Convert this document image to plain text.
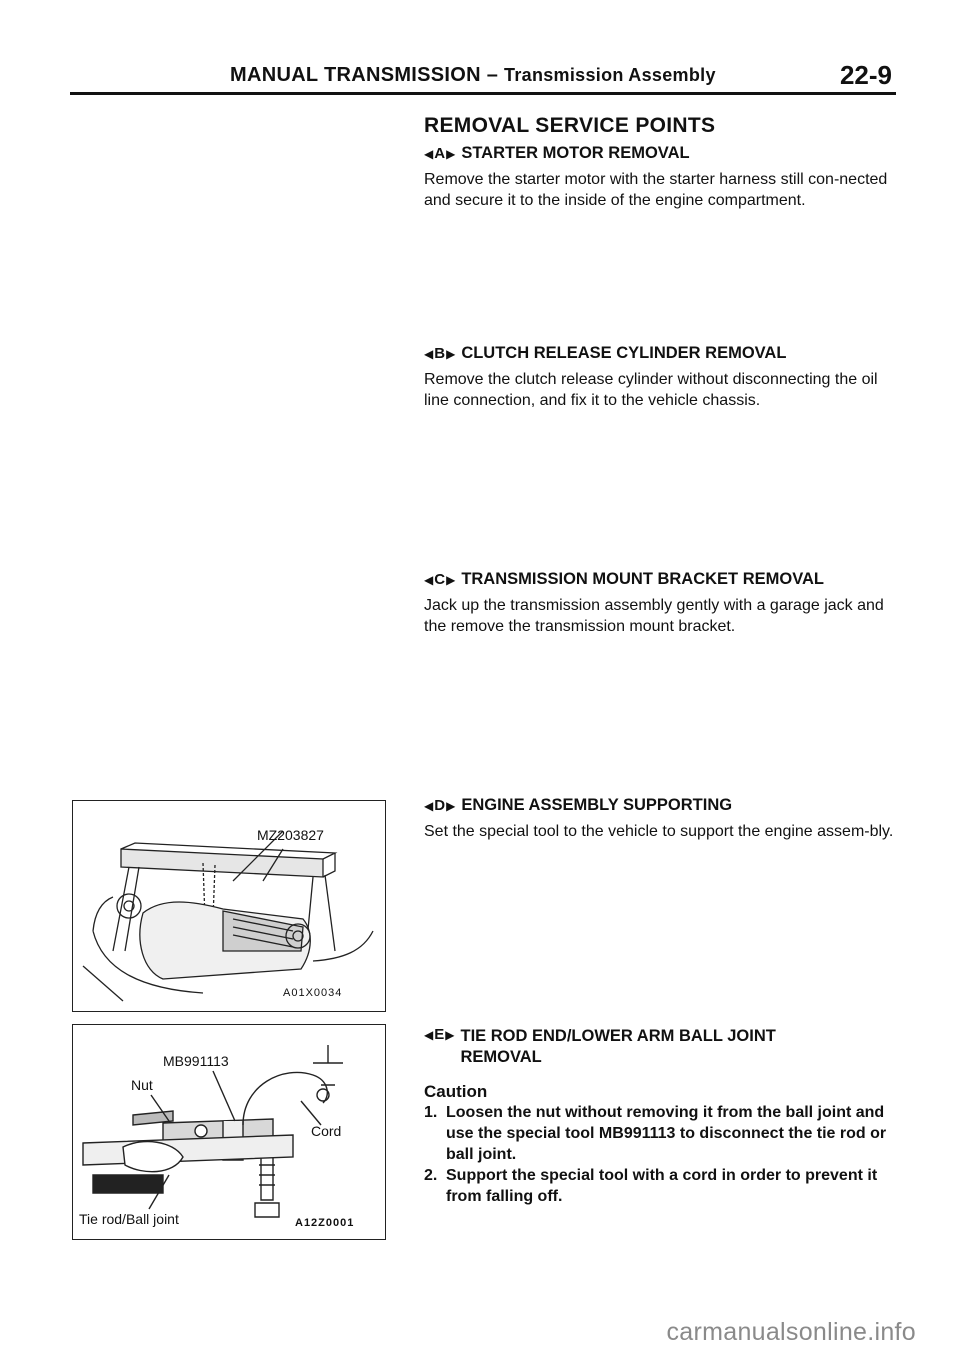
MANUAL TRANSMISSION – Transmission Assembly	22-9
REMOVAL SERVICE POINTS
◀ A ▶ STARTER MOTOR REMOVAL
Remove the starter motor with the starter harness still con-nected and secure it to the inside of the engine compartment.
◀ B ▶ CLUTCH RELEASE CYLINDER REMOVAL
Remove the clutch release cylinder without disconnecting the oil line connection, and fix it to the vehicle chassis.
◀ C ▶ TRANSMISSION MOUNT BRACKET REMOVAL
Jack up the transmission assembly gently with a garage jack and the remove the transmission mount bracket.
◀ D ▶ ENGINE ASSEMBLY SUPPORTING
Set the special tool to the vehicle to support the engine assem-bly.
◀ E ▶ TIE ROD END/LOWER ARM BALL JOINT REMOVAL
Caution
1. Loosen the nut without removing it from the ball joint and use the special tool MB991113 to disconnect the tie rod or ball joint.
2. Support the special tool with a cord in order to prevent it from falling off.
MZ203827
A01X0034
MB991113
Nut
Cord
Tie rod/Ball joint	A12Z0001
carmanualsonline.info
